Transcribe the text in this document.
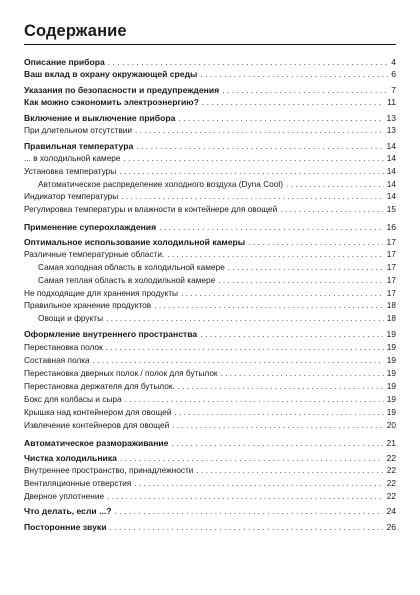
Содержание
Описание прибора . . .	4
Ваш вклад в охрану окружающей среды . . .	6
Указания по безопасности и предупреждения . . .	7
Как можно сэкономить электроэнергию? . . .	11
Включение и выключение прибора . . .	13
При длительном отсутствии . . .	13
Правильная температура . . .	14
... в холодильной камере . . .	14
Установка температуры . . .	14
Автоматическое распределение холодного воздуха (Dyna Cool) . . .	14
Индикатор температуры . . .	14
Регулировка температуры и влажности в контейнере для овощей . . .	15
Применение суперохлаждения . . .	16
Оптимальное использование холодильной камеры . . .	17
Различные температурные области. . . .	17
Самая холодная область в холодильной камере . . .	17
Самая теплая область в холодильной камере . . .	17
Не подходящие для хранения продукты . . .	17
Правильное хранение продуктов . . .	18
Овощи и фрукты . . .	18
Оформление внутреннего пространства . . .	19
Перестановка полок . . .	19
Составная полка . . .	19
Перестановка дверных полок / полок для бутылок . . .	19
Перестановка держателя для бутылок. . . .	19
Бокс для колбасы и сыра . . .	19
Крышка над контейнером для овощей . . .	19
Извлечение контейнеров для овощей . . .	20
Автоматическое размораживание . . .	21
Чистка холодильника . . .	22
Внутреннее пространство, принадлежности . . .	22
Вентиляционные отверстия . . .	22
Дверное уплотнение . . .	22
Что делать, если ...? . . .	24
Посторонние звуки . . .	26
